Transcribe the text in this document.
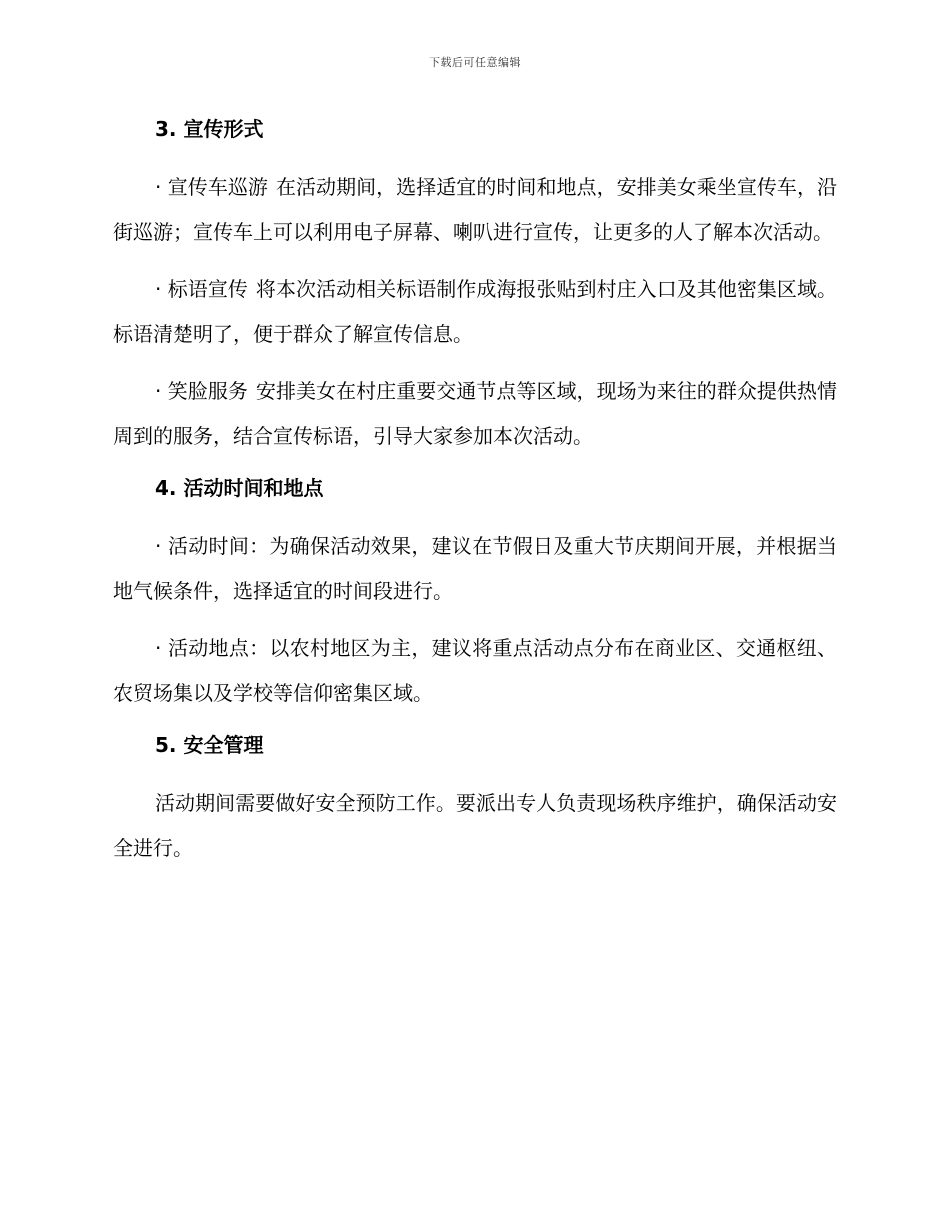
下载后可任意编辑
3. 宣传形式

· 宣传车巡游 在活动期间，选择适宜的时间和地点，安排美女乘坐宣传车，沿街巡游；宣传车上可以利用电子屏幕、喇叭进行宣传，让更多的人了解本次活动。

· 标语宣传 将本次活动相关标语制作成海报张贴到村庄入口及其他密集区域。标语清楚明了，便于群众了解宣传信息。

· 笑脸服务 安排美女在村庄重要交通节点等区域，现场为来往的群众提供热情周到的服务，结合宣传标语，引导大家参加本次活动。

4. 活动时间和地点

· 活动时间：为确保活动效果，建议在节假日及重大节庆期间开展，并根据当地气候条件，选择适宜的时间段进行。

· 活动地点：以农村地区为主，建议将重点活动点分布在商业区、交通枢纽、农贸场集以及学校等信仰密集区域。

5. 安全管理

活动期间需要做好安全预防工作。要派出专人负责现场秩序维护，确保活动安全进行。
